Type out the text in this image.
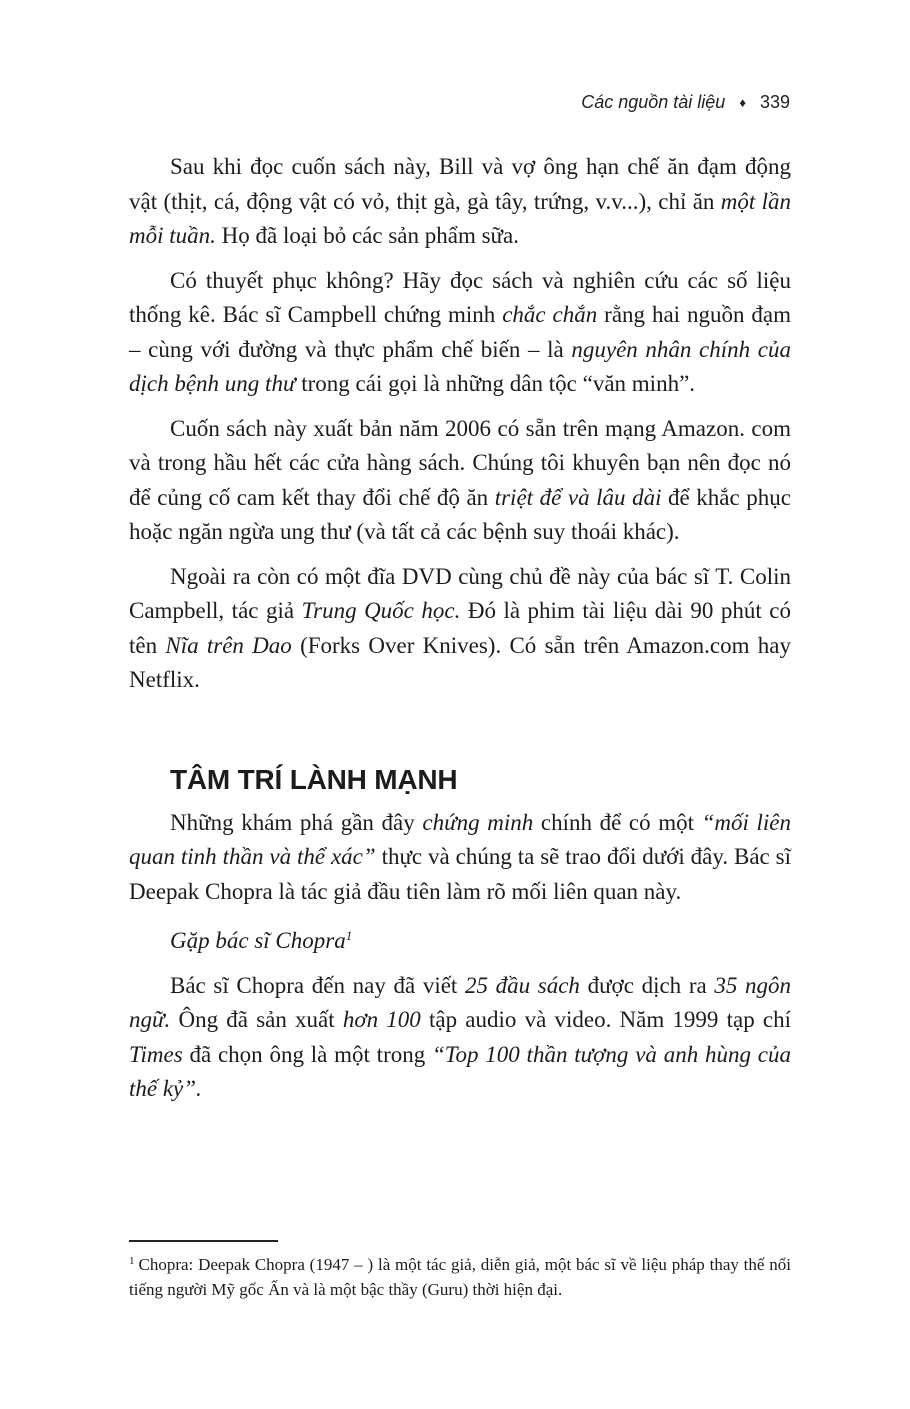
Các nguồn tài liệu ♦ 339

Sau khi đọc cuốn sách này, Bill và vợ ông hạn chế ăn đạm động vật (thịt, cá, động vật có vỏ, thịt gà, gà tây, trứng, v.v...), chỉ ăn một lần mỗi tuần. Họ đã loại bỏ các sản phẩm sữa.

Có thuyết phục không? Hãy đọc sách và nghiên cứu các số liệu thống kê. Bác sĩ Campbell chứng minh chắc chắn rằng hai nguồn đạm – cùng với đường và thực phẩm chế biến – là nguyên nhân chính của dịch bệnh ung thư trong cái gọi là những dân tộc “văn minh”.

Cuốn sách này xuất bản năm 2006 có sẵn trên mạng Amazon. com và trong hầu hết các cửa hàng sách. Chúng tôi khuyên bạn nên đọc nó để củng cố cam kết thay đổi chế độ ăn triệt để và lâu dài để khắc phục hoặc ngăn ngừa ung thư (và tất cả các bệnh suy thoái khác).

Ngoài ra còn có một đĩa DVD cùng chủ đề này của bác sĩ T. Colin Campbell, tác giả Trung Quốc học. Đó là phim tài liệu dài 90 phút có tên Nĩa trên Dao (Forks Over Knives). Có sẵn trên Amazon.com hay Netflix.

TÂM TRÍ LÀNH MẠNH

Những khám phá gần đây chứng minh chính để có một “mối liên quan tinh thần và thể xác” thực và chúng ta sẽ trao đổi dưới đây. Bác sĩ Deepak Chopra là tác giả đầu tiên làm rõ mối liên quan này.

Gặp bác sĩ Chopra$^1$

Bác sĩ Chopra đến nay đã viết 25 đầu sách được dịch ra 35 ngôn ngữ. Ông đã sản xuất hơn 100 tập audio và video. Năm 1999 tạp chí Times đã chọn ông là một trong “Top 100 thần tượng và anh hùng của thế kỷ”.

$^1$ Chopra: Deepak Chopra (1947 – ) là một tác giả, diễn giả, một bác sĩ về liệu pháp thay thế nổi tiếng người Mỹ gốc Ấn và là một bậc thầy (Guru) thời hiện đại.
